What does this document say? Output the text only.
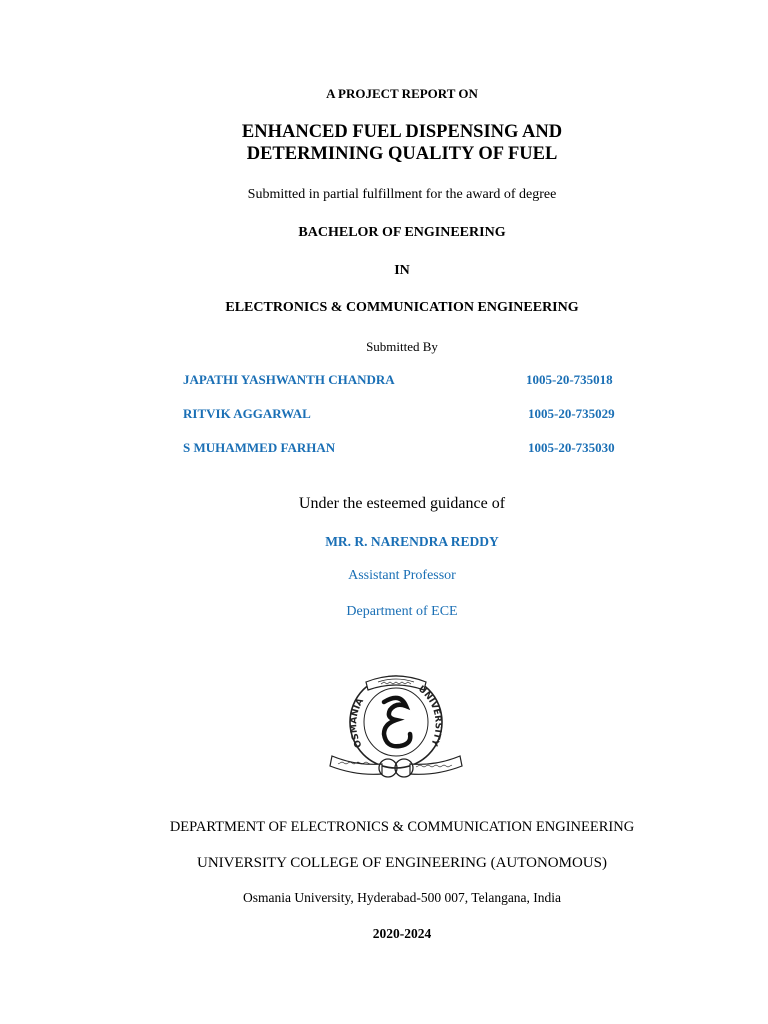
A PROJECT REPORT ON
ENHANCED FUEL DISPENSING AND
DETERMINING QUALITY OF FUEL
Submitted in partial fulfillment for the award of degree
BACHELOR OF ENGINEERING
IN
ELECTRONICS & COMMUNICATION ENGINEERING
Submitted By
JAPATHI YASHWANTH CHANDRA	1005-20-735018
RITVIK AGGARWAL	1005-20-735029
S MUHAMMED FARHAN	1005-20-735030
Under the esteemed guidance of
MR. R. NARENDRA REDDY
Assistant Professor
Department of ECE
OSMANIA
UNIVERSITY
DEPARTMENT OF ELECTRONICS & COMMUNICATION ENGINEERING
UNIVERSITY COLLEGE OF ENGINEERING (AUTONOMOUS)
Osmania University, Hyderabad-500 007, Telangana, India
2020-2024
